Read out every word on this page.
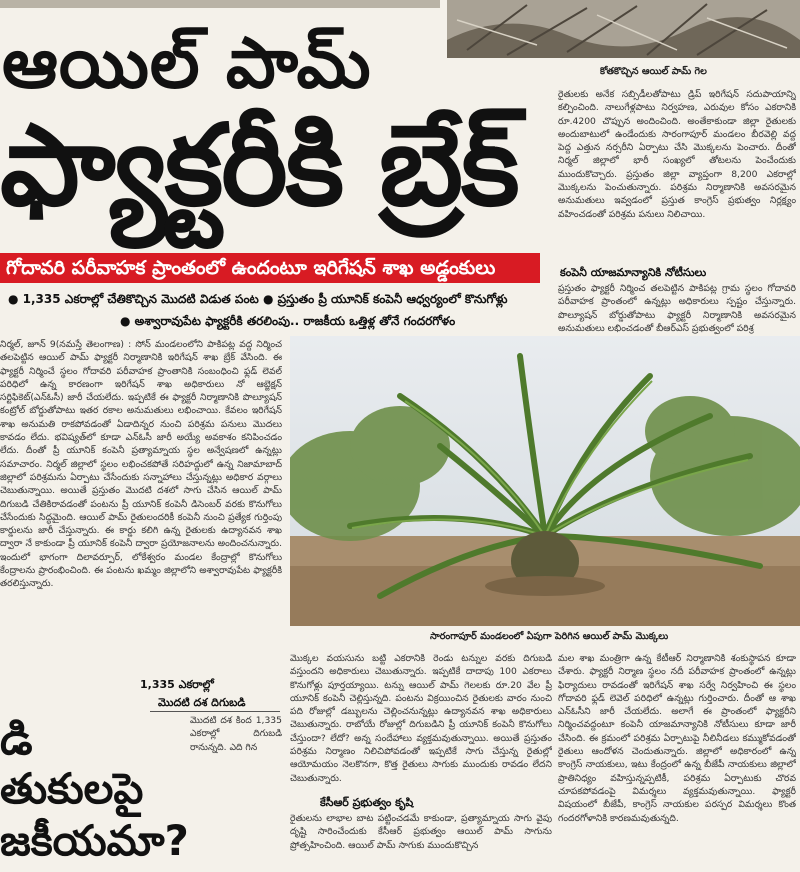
ఆయిల్ పామ్
ఫ్యాక్టరీకి బ్రేక్
కోతకొచ్చిన ఆయిల్ పామ్ గెల
రైతులకు అనేక సబ్సిడీలతోపాటు డ్రిప్ ఇరిగేషన్ సదుపాయాన్ని కల్పించింది. నాలుగేళ్లపాటు నిర్వహణ, ఎరువుల కోసం ఎకరానికి రూ.4200 చొప్పున అందించింది. అంతేకాకుండా జిల్లా రైతులకు అందుబాటులో ఉండేందుకు సారంగాపూర్ మండలం బీరవెల్లి వద్ద పెద్ద ఎత్తున నర్సరీని ఏర్పాటు చేసి మొక్కలను పెంచారు. దీంతో నిర్మల్ జిల్లాలో భారీ సంఖ్యలో తోటలను పెంచేందుకు ముందుకొచ్చారు. ప్రస్తుతం జిల్లా వ్యాప్తంగా 8,200 ఎకరాల్లో మొక్కలను పెంచుతున్నారు. పరిశ్రమ నిర్మాణానికి అవసరమైన అనుమతులు ఇవ్వడంలో ప్రస్తుత కాంగ్రెస్ ప్రభుత్వం నిర్లక్ష్యం వహించడంతో పరిశ్రమ పనులు నిలిచాయి.
కంపెనీ యాజమాన్యానికి నోటీసులు
ప్రస్తుతం ఫ్యాక్టరీ నిర్మించ తలపెట్టిన పాకిపట్ల గ్రామ స్థలం గోదావరి పరీవాహక ప్రాంతంలో ఉన్నట్లు అధికారులు స్పష్టం చేస్తున్నారు. పొల్యూషన్ బోర్డుతోపాటు ఫ్యాక్టరీ నిర్మాణానికి అవసరమైన అనుమతులు లభించడంతో బీఆర్ఎస్ ప్రభుత్వంలో పరిశ్ర
గోదావరి పరీవాహక ప్రాంతంలో ఉందంటూ ఇరిగేషన్ శాఖ అడ్డంకులు
● 1,335 ఎకరాల్లో చేతికొచ్చిన మొదటి విడుత పంట ● ప్రస్తుతం ప్రీ యూనిక్ కంపెనీ ఆధ్వర్యంలో కొనుగోళ్లు
● అశ్వారావుపేట ఫ్యాక్టరీకి తరలింపు.. రాజకీయ ఒత్తిళ్ల తోనే గందరగోళం
నిర్మల్, జూన్ 9(నమస్తే తెలంగాణ) : సోన్ మండలంలోని పాకిపట్ల వద్ద నిర్మించ తలపెట్టిన ఆయిల్ పామ్ ఫ్యాక్టరీ నిర్మాణానికి ఇరిగేషన్ శాఖ బ్రేక్ వేసింది. ఈ ఫ్యాక్టరీ నిర్మించే స్థలం గోదావరి పరీవాహక ప్రాంతానికి సంబంధించి ఫ్లడ్ లెవల్ పరిధిలో ఉన్న కారణంగా ఇరిగేషన్ శాఖ అధికారులు నో ఆబ్జెక్షన్ సర్టిఫికెట్(ఎన్ఓసీ) జారీ చేయలేదు. ఇప్పటికే ఈ ఫ్యాక్టరీ నిర్మాణానికి పొల్యూషన్ కంట్రోల్ బోర్డుతోపాటు ఇతర రకాల అనుమతులు లభించాయి. కేవలం ఇరిగేషన్ శాఖ అనుమతి రాకపోవడంతో ఏడాదిన్నర నుంచి పరిశ్రమ పనులు మొదలు కావడం లేదు. భవిష్యత్‌లో కూడా ఎన్ఓసీ జారీ అయ్యే అవకాశం కనిపించడం లేదు. దీంతో ప్రీ యూనిక్ కంపెనీ ప్రత్యామ్నాయ స్థల అన్వేషణలో ఉన్నట్లు సమాచారం. నిర్మల్ జిల్లాలో స్థలం లభించకపోతే సరిహద్దులో ఉన్న నిజామాబాద్ జిల్లాలో పరిశ్రమను ఏర్పాటు చేసేందుకు సన్నాహాలు చేస్తున్నట్లు అధికార వర్గాలు చెబుతున్నాయి. అయితే ప్రస్తుతం మొదటి దశలో సాగు చేసిన ఆయిల్ పామ్ దిగుబడి చేతికిరావడంతో పంటను ప్రీ యూనిక్ కంపెనీ డిసెంబర్ వరకు కొనుగోలు చేసేందుకు సిద్ధమైంది. ఆయిల్ పామ్ రైతులందరికీ కంపెనీ నుంచి ప్రత్యేక గుర్తింపు కార్డులను జారీ చేస్తున్నారు. ఈ కార్డు కలిగి ఉన్న రైతులకు ఉద్యానవన శాఖ ద్వారా నే కాకుండా ప్రీ యూనిక్ కంపెనీ ద్వారా ప్రయోజనాలను అందించనున్నారు. ఇందులో భాగంగా దిలావర్పూర్, లోకేశ్వరం మండల కేంద్రాల్లో కొనుగోలు కేంద్రాలను ప్రారంభించింది. ఈ పంటను ఖమ్మం జిల్లాలోని అశ్వారావుపేట ఫ్యాక్టరీకి తరలిస్తున్నారు.
1,335 ఎకరాల్లో
మొదటి దశ దిగుబడి
మొదటి దశ కింద 1,335 ఎకరాల్లో దిగుబడి రానున్నది. ఎది గిన
డి
తుకులపై
జకీయమా?
సారంగాపూర్ మండలంలో ఏపుగా పెరిగిన ఆయిల్ పామ్ మొక్కలు
మొక్కల వయసును బట్టి ఎకరానికి రెండు టన్నుల వరకు దిగుబడి వస్తుందని అధికారులు చెబుతున్నారు. ఇప్పటికే దాదాపు 100 ఎకరాలు కొనుగోళ్లు పూర్తయ్యాయి. టన్ను ఆయిల్ పామ్ గెలలకు రూ.20 వేల ప్రీ యూనిక్ కంపెనీ చెల్లిస్తున్నది. పంటను విక్రయించిన రైతులకు వారం నుంచి పది రోజుల్లో డబ్బులను చెల్లించనున్నట్లు ఉద్యానవన శాఖ అధికారులు చెబుతున్నారు. రాబోయే రోజుల్లో దిగుబడిని ప్రీ యూనిక్ కంపెనీ కొనుగోలు చేస్తుందా? లేదో? అన్న సందేహాలు వ్యక్తమవుతున్నాయి. అయితే ప్రస్తుతం పరిశ్రమ నిర్మాణం నిలిచిపోవడంతో ఇప్పటికే సాగు చేస్తున్న రైతుల్లో ఆయోమయం నెలకొనగా, కొత్త రైతులు సాగుకు ముందుకు రావడం లేదని చెబుతున్నారు.
కేసీఆర్ ప్రభుత్వం కృషి
రైతులను లాభాల బాట పట్టించడమే కాకుండా, ప్రత్యామ్నాయ సాగు వైపు దృష్టి సారించేందుకు కేసీఆర్ ప్రభుత్వం ఆయిల్ పామ్ సాగును ప్రోత్సహించింది. ఆయిల్ పామ్ సాగుకు ముందుకొచ్చిన
మల శాఖ మంత్రిగా ఉన్న కేటీఆర్ నిర్మాణానికి శంకుస్థాపన కూడా చేశారు. ఫ్యాక్టరీ నిర్మాణ స్థలం నదీ పరీవాహక ప్రాంతంలో ఉన్నట్లు ఫిర్యాదులు రావడంతో ఇరిగేషన్ శాఖ సర్వే నిర్వహించి ఈ స్థలం గోదావరి ఫ్లడ్ లెవెల్ పరిధిలో ఉన్నట్లు గుర్తించారు. దీంతో ఆ శాఖ ఎన్ఓసీని జారీ చేయలేదు. అలాగే ఈ ప్రాంతంలో ఫ్యాక్టరీని నిర్మించవద్దంటూ కంపెనీ యాజమాన్యానికి నోటీసులు కూడా జారీ చేసింది. ఈ క్రమంలో పరిశ్రమ ఏర్పాటుపై నీలినీడలు కమ్ముకోవడంతో రైతులు ఆందోళన చెందుతున్నారు. జిల్లాలో అధికారంలో ఉన్న కాంగ్రెస్ నాయకులు, ఇటు కేంద్రంలో ఉన్న బీజేపీ నాయకులు జిల్లాలో ప్రాతినిధ్యం వహిస్తున్నప్పటికీ, పరిశ్రమ ఏర్పాటుకు చొరవ చూపకపోవడంపై విమర్శలు వ్యక్తమవుతున్నాయి. ఫ్యాక్టరీ విషయంలో బీజేపీ, కాంగ్రెస్ నాయకుల పరస్పర విమర్శలు కొంత గందరగోళానికి కారణమవుతున్నది.
